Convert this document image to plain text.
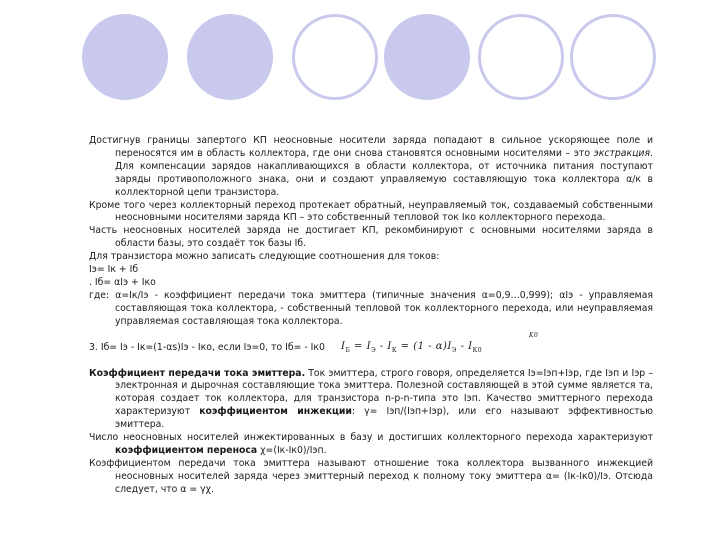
Достигнув границы запертого КП неосновные носители заряда попадают в сильное ускоряющее поле и переносятся им в область коллектора, где они снова становятся основными носителями – это экстракция. Для компенсации зарядов накапливающихся в области коллектора, от источника питания поступают заряды противоположного знака, они и создают управляемую составляющую тока коллектора α/к в коллекторной цепи транзистора.

Кроме того через коллекторный переход протекает обратный, неуправляемый ток, создаваемый собственными неосновными носителями заряда КП – это собственный тепловой ток Iко коллекторного перехода.

Часть неосновных носителей заряда не достигает КП, рекомбинируют с основными носителями заряда в области базы, это создаёт ток базы Iб.

Для транзистора можно записать следующие соотношения для токов:

Iэ= Iк + Iб

. Iб= αIэ + Iко

где: α=Iк/Iэ - коэффициент передачи тока эмиттера (типичные значения α=0,9…0,999); αIэ - управляемая составляющая тока коллектора, - собственный тепловой ток коллекторного перехода, или неуправляемая управляемая составляющая тока коллектора.

3. Iб= Iэ - Iк=(1-αs)Iэ - Iко, если Iэ=0, то Iб= - Iк0
K0
$I_Б = I_Э - I_К = (1 - \alpha)I_Э - I_{К0}$

Коэффициент передачи тока эмиттера. Ток эмиттера, строго говоря, определяется Iэ=Iэп+Iэр, где Iэп и Iэр – электронная и дырочная составляющие тока эмиттера. Полезной составляющей в этой сумме является та, которая создает ток коллектора, для транзистора n-p-n-типа это Iэп. Качество эмиттерного перехода характеризуют коэффициентом инжекции: γ= Iэп/(Iэп+Iэр), или его называют эффективностью эмиттера.

Число неосновных носителей инжектированных в базу и достигших коллекторного перехода характеризуют коэффициентом переноса χ=(Iк-Iк0)/Iэп.

Коэффициентом передачи тока эмиттера называют отношение тока коллектора вызванного инжекцией неосновных носителей заряда через эмиттерный переход к полному току эмиттера α= (Iк-Iк0)/Iэ. Отсюда следует, что α = γχ.
